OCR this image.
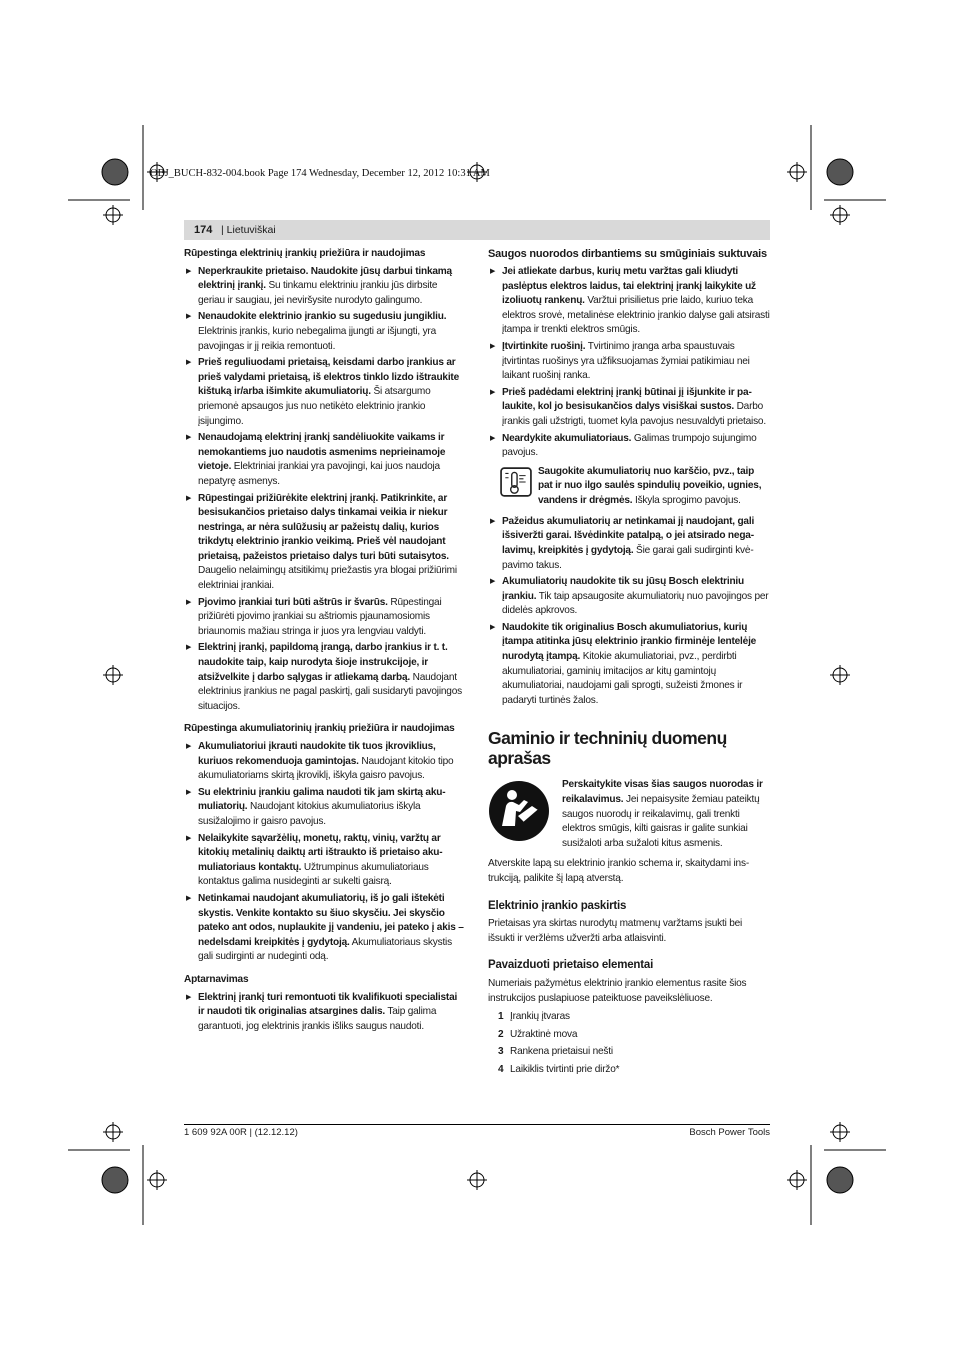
OBJ_BUCH-832-004.book Page 174 Wednesday, December 12, 2012 10:31 AM
174 | Lietuviškai
Rūpestinga elektrinių įrankių priežiūra ir naudojimas
▶ Neperkraukite prietaiso. Naudokite jūsų darbui tinkamą elektrinį įrankį. Su tinkamu elektriniu įrankiu jūs dirbsite geriau ir saugiau, jei neviršysite nurodyto galingumo.
▶ Nenaudokite elektrinio įrankio su sugedusiu jungikliu. Elektrinis įrankis, kurio nebegalima įjungti ar išjungti, yra pavojingas ir jį reikia remontuoti.
▶ Prieš reguliuodami prietaisą, keisdami darbo įrankius ar prieš valydami prietaisą, iš elektros tinklo lizdo ištraukite kištuką ir/arba išimkite akumuliatorių. Ši atsargumo priemonė apsaugos jus nuo netikėto elektrinio įrankio įsijungimo.
▶ Nenaudojamą elektrinį įrankį sandėliuokite vaikams ir nemokantiems juo naudotis asmenims neprieinamoje vietoje. Elektriniai įrankiai yra pavojingi, kai juos naudoja nepatyrę asmenys.
▶ Rūpestingai prižiūrėkite elektrinį įrankį. Patikrinkite, ar besisukančios prietaiso dalys tinkamai veikia ir niekur nestringa, ar nėra sulūžusių ar pažeistų dalių, kurios trikdytų elektrinio įrankio veikimą. Prieš vėl naudojant prietaisą, pažeistos prietaiso dalys turi būti sutaisytos. Daugelio nelaimingų atsitikimų priežastis yra blogai prižiūrimi elektriniai įrankiai.
▶ Pjovimo įrankiai turi būti aštrūs ir švarūs. Rūpestingai prižiūrėti pjovimo įrankiai su aštriomis pjaunamosiomis briaunomis mažiau stringa ir juos yra lengviau valdyti.
▶ Elektrinį įrankį, papildomą įrangą, darbo įrankius ir t. t. naudokite taip, kaip nurodyta šioje instrukcijoje, ir atsižvelkite į darbo sąlygas ir atliekamą darbą. Naudojant elektrinius įrankius ne pagal paskirtį, gali susidaryti pavojingos situacijos.
Rūpestinga akumuliatorinių įrankių priežiūra ir naudojimas
▶ Akumuliatoriui įkrauti naudokite tik tuos įkroviklius, kuriuos rekomenduoja gamintojas. Naudojant kitokio tipo akumuliatoriams skirtą įkroviklį, iškyla gaisro pavojus.
▶ Su elektriniu įrankiu galima naudoti tik jam skirtą akumuliatorių. Naudojant kitokius akumuliatorius iškyla susižalojimo ir gaisro pavojus.
▶ Nelaikykite sąvaržėlių, monetų, raktų, vinių, varžtų ar kitokių metalinių daiktų arti ištraukto iš prietaiso akumuliatoriaus kontaktų. Užtrumpinus akumuliatoriaus kontaktus galima nusideginti ar sukelti gaisrą.
▶ Netinkamai naudojant akumuliatorių, iš jo gali ištekėti skystis. Venkite kontakto su šiuo skysčiu. Jei skysčio pateko ant odos, nuplaukite jį vandeniu, jei pateko į akis – nedelsdami kreipkitės į gydytoją. Akumuliatoriaus skystis gali sudirginti ar nudeginti odą.
Aptarnavimas
▶ Elektrinį įrankį turi remontuoti tik kvalifikuoti specialistai ir naudoti tik originalias atsargines dalis. Taip galima garantuoti, jog elektrinis įrankis išliks saugus naudoti.
Saugos nuorodos dirbantiems su smūginiais suktuvais
▶ Jei atliekate darbus, kurių metu varžtas gali kliudyti paslėptus elektros laidus, tai elektrinį įrankį laikykite už izoliuotų rankenų. Varžtui prisilietus prie laido, kuriuo teka elektros srovė, metalinėse elektrinio įrankio dalyse gali atsirasti įtampa ir trenkti elektros smūgis.
▶ Įtvirtinkite ruošinį. Tvirtinimo įranga arba spaustuvais įtvirtintas ruošinys yra užfiksuojamas žymiai patikimiau nei laikant ruošinį ranka.
▶ Prieš padėdami elektrinį įrankį būtinai jį išjunkite ir palaukite, kol jo besisukančios dalys visiškai sustos. Darbo įrankis gali užstrigti, tuomet kyla pavojus nesuvaldyti prietaiso.
▶ Neardykite akumuliatoriaus. Galimas trumpojo sujungimo pavojus.
Saugokite akumuliatorių nuo karščio, pvz., taip pat ir nuo ilgo saulės spindulių poveikio, ugnies, vandens ir drėgmės. Iškyla sprogimo pavojus.
▶ Pažeidus akumuliatorių ar netinkamai jį naudojant, gali išsiveržti garai. Išvėdinkite patalpą, o jei atsirado negalavimų, kreipkitės į gydytoją. Šie garai gali sudirginti kvėpavimo takus.
▶ Akumuliatorių naudokite tik su jūsų Bosch elektriniu įrankiu. Tik taip apsaugosite akumuliatorių nuo pavojingos per didelės apkrovos.
▶ Naudokite tik originalius Bosch akumuliatorius, kurių įtampa atitinka jūsų elektrinio įrankio firminėje lentelėje nurodytą įtampą. Kitokie akumuliatoriai, pvz., perdirbti akumuliatoriai, gaminių imitacijos ar kitų gamintojų akumuliatoriai, naudojami gali sprogti, sužeisti žmones ir padaryti turtinės žalos.
Gaminio ir techninių duomenų aprašas
Perskaitykite visas šias saugos nuorodas ir reikalavimus. Jei nepaisysite žemiau pateiktų saugos nuorodų ir reikalavimų, gali trenkti elektros smūgis, kilti gaisras ir galite sunkiai susižaloti arba sužaloti kitus asmenis.
Atverskite lapą su elektrinio įrankio schema ir, skaitydami instrukciją, palikite šį lapą atverstą.
Elektrinio įrankio paskirtis
Prietaisas yra skirtas nurodytų matmenų varžtams įsukti bei išsukti ir veržlėms užveržti arba atlaisvinti.
Pavaizduoti prietaiso elementai
Numeriais pažymėtus elektrinio įrankio elementus rasite šios instrukcijos puslapiuose pateiktuose paveikslėliuose.
1 Įrankių įtvaras
2 Užraktinė mova
3 Rankena prietaisui nešti
4 Laikiklis tvirtinti prie diržo*
1 609 92A 00R | (12.12.12)	Bosch Power Tools
